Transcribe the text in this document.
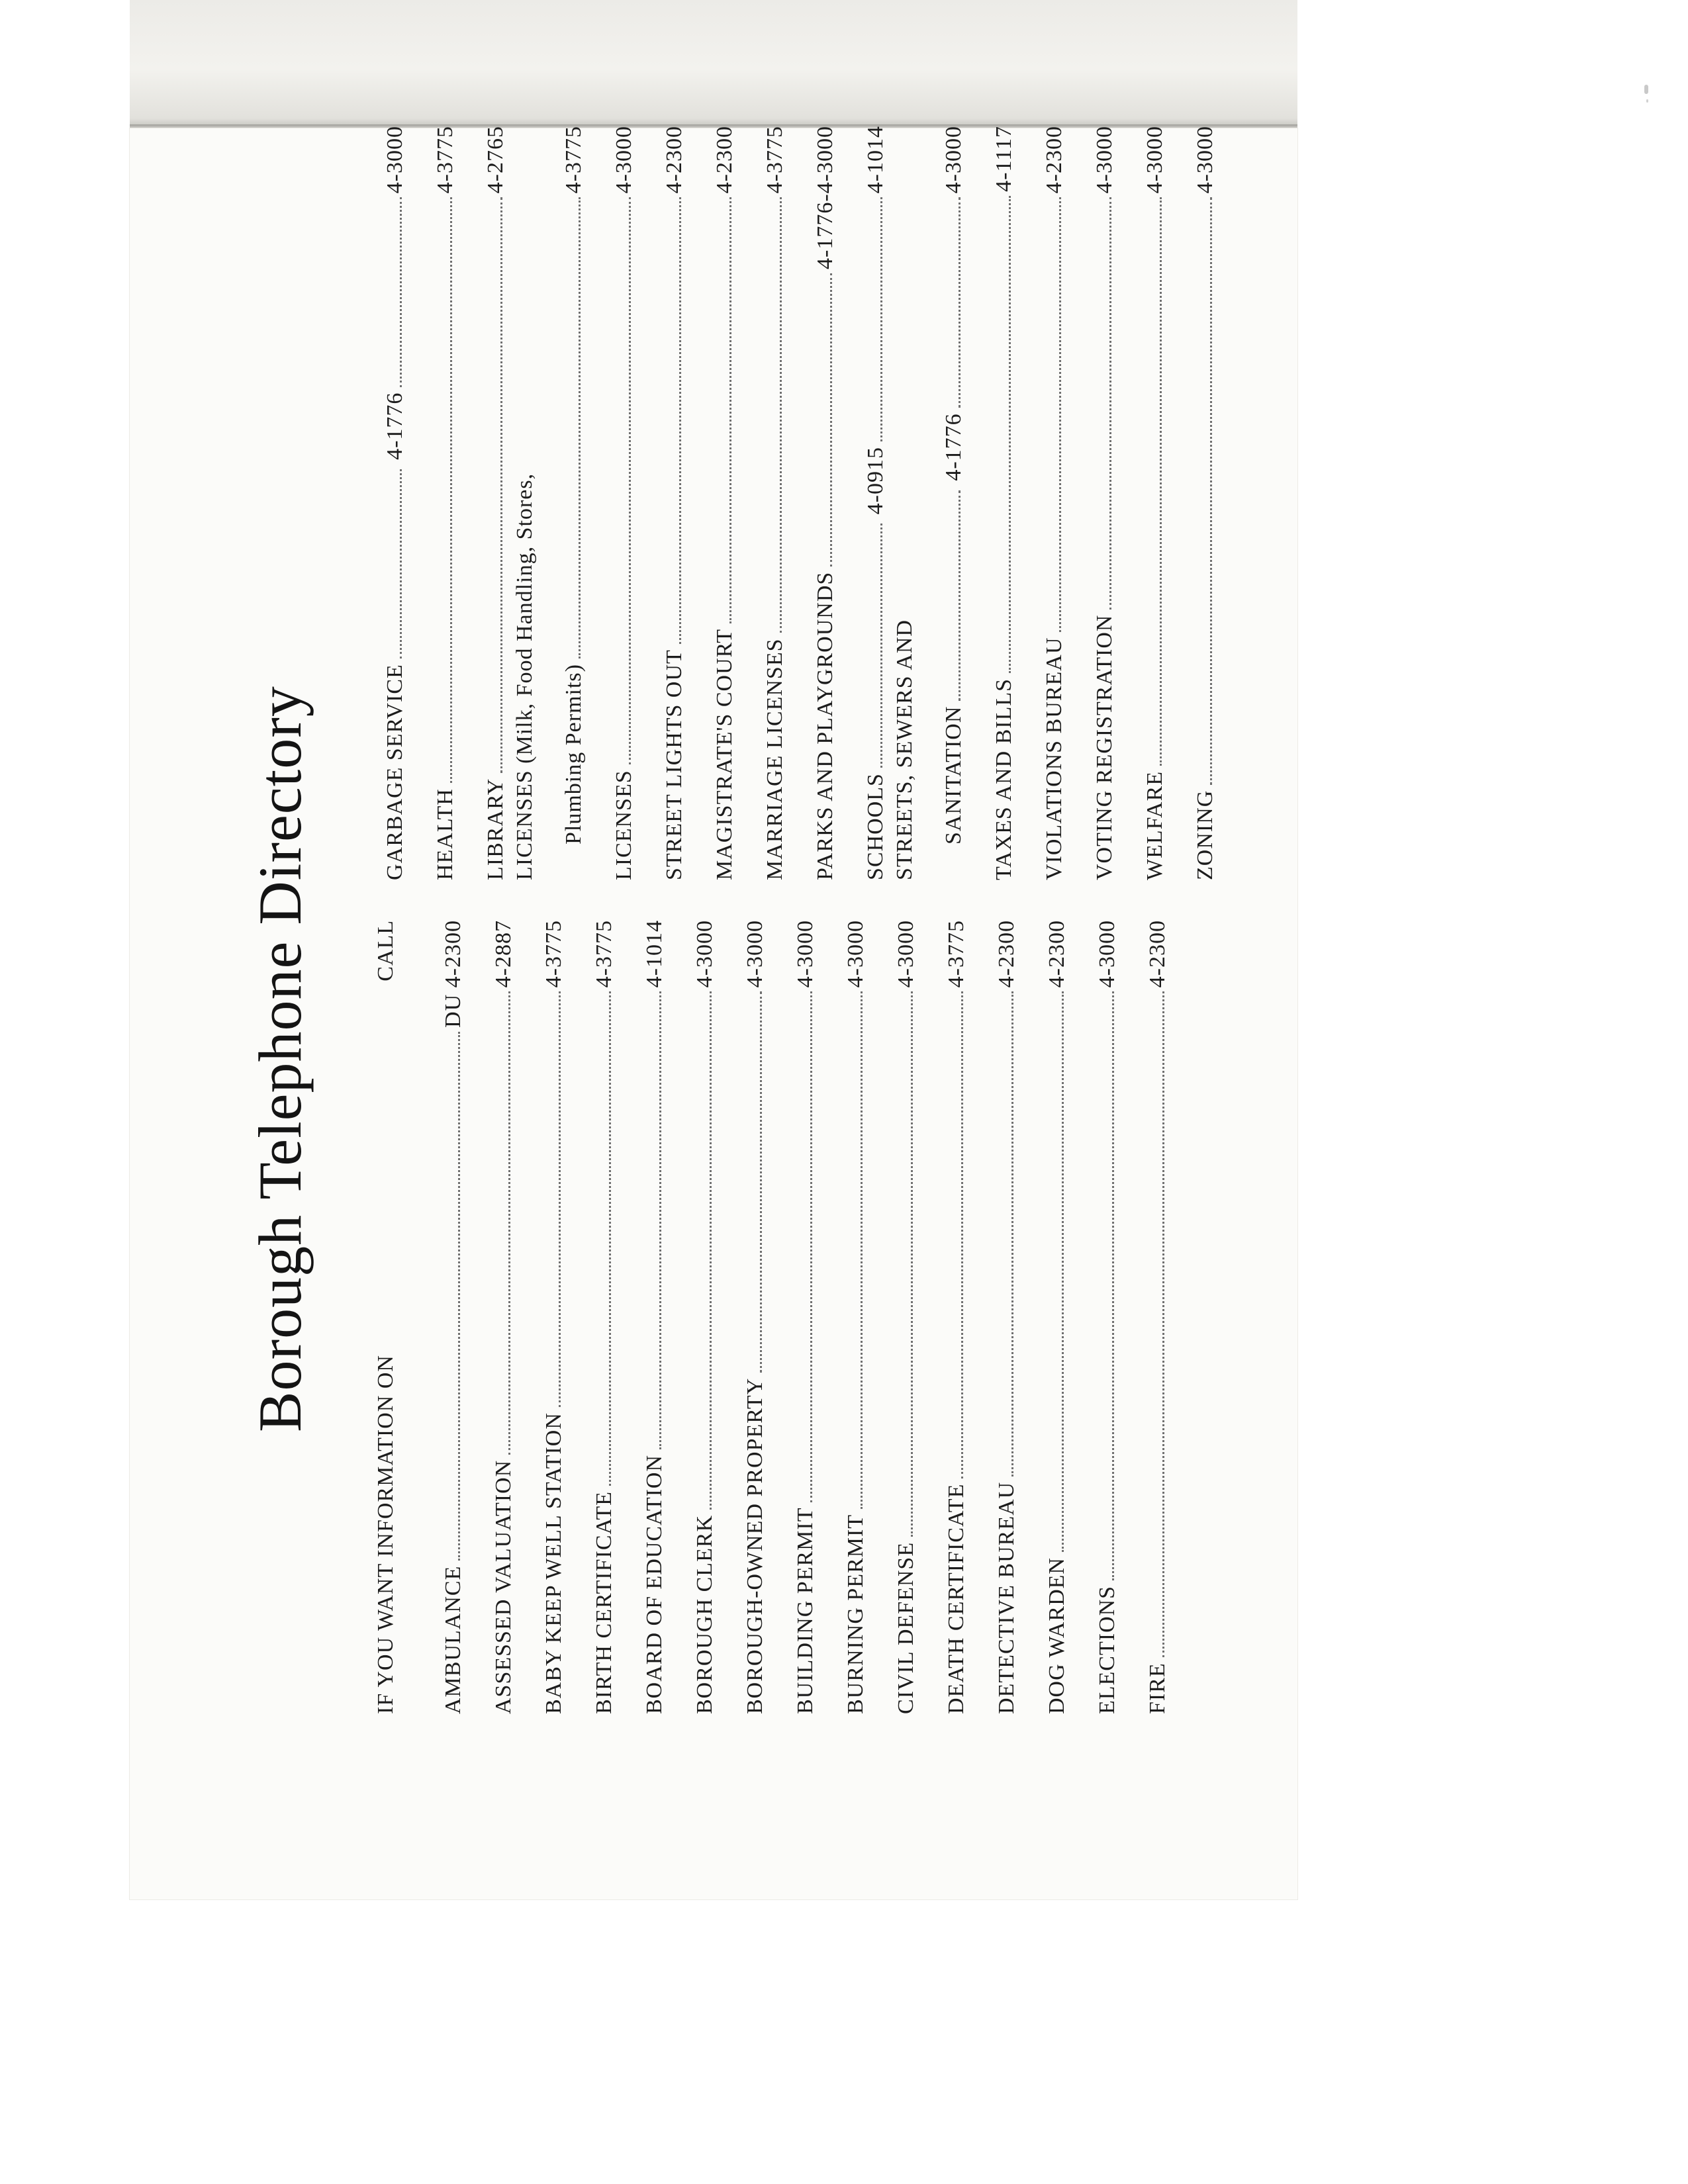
Borough Telephone Directory
IF YOU WANT INFORMATION ON
CALL
AMBULANCE
DU 4-2300
ASSESSED VALUATION
4-2887
BABY KEEP WELL STATION
4-3775
BIRTH CERTIFICATE
4-3775
BOARD OF EDUCATION
4-1014
BOROUGH CLERK
4-3000
BOROUGH-OWNED PROPERTY
4-3000
BUILDING PERMIT
4-3000
BURNING PERMIT
4-3000
CIVIL DEFENSE
4-3000
DEATH CERTIFICATE
4-3775
DETECTIVE BUREAU
4-2300
DOG WARDEN
4-2300
ELECTIONS
4-3000
FIRE
4-2300
GARBAGE SERVICE
4-1776
4-3000
HEALTH
4-3775
LIBRARY
4-2765
LICENSES (Milk, Food Handling, Stores, Plumbing Permits)
4-3775
LICENSES
4-3000
STREET LIGHTS OUT
4-2300
MAGISTRATE'S COURT
4-2300
MARRIAGE LICENSES
4-3775
PARKS AND PLAYGROUNDS
4-1776-4-3000
SCHOOLS
4-0915
4-1014
STREETS, SEWERS AND SANITATION
4-1776
4-3000
TAXES AND BILLS
4-1117
VIOLATIONS BUREAU
4-2300
VOTING REGISTRATION
4-3000
WELFARE
4-3000
ZONING
4-3000
